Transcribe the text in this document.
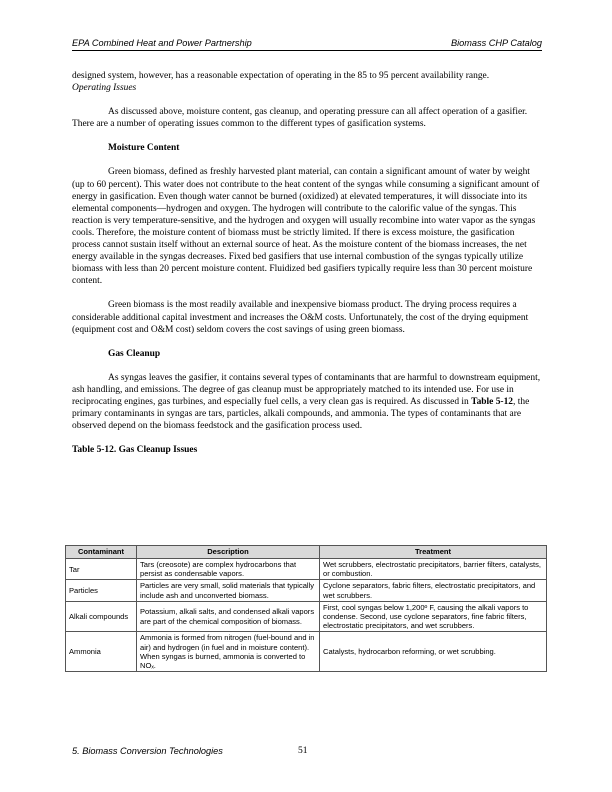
EPA Combined Heat and Power Partnership	Biomass CHP Catalog

designed system, however, has a reasonable expectation of operating in the 85 to 95 percent availability range.

Operating Issues

As discussed above, moisture content, gas cleanup, and operating pressure can all affect operation of a gasifier. There are a number of operating issues common to the different types of gasification systems.

Moisture Content

Green biomass, defined as freshly harvested plant material, can contain a significant amount of water by weight (up to 60 percent). This water does not contribute to the heat content of the syngas while consuming a significant amount of energy in gasification. Even though water cannot be burned (oxidized) at elevated temperatures, it will dissociate into its elemental components—hydrogen and oxygen. The hydrogen will contribute to the calorific value of the syngas. This reaction is very temperature-sensitive, and the hydrogen and oxygen will usually recombine into water vapor as the syngas cools. Therefore, the moisture content of biomass must be strictly limited. If there is excess moisture, the gasification process cannot sustain itself without an external source of heat. As the moisture content of the biomass increases, the net energy available in the syngas decreases. Fixed bed gasifiers that use internal combustion of the syngas typically utilize biomass with less than 20 percent moisture content. Fluidized bed gasifiers typically require less than 30 percent moisture content.

Green biomass is the most readily available and inexpensive biomass product. The drying process requires a considerable additional capital investment and increases the O&M costs. Unfortunately, the cost of the drying equipment (equipment cost and O&M cost) seldom covers the cost savings of using green biomass.

Gas Cleanup

As syngas leaves the gasifier, it contains several types of contaminants that are harmful to downstream equipment, ash handling, and emissions. The degree of gas cleanup must be appropriately matched to its intended use. For use in reciprocating engines, gas turbines, and especially fuel cells, a very clean gas is required. As discussed in Table 5-12, the primary contaminants in syngas are tars, particles, alkali compounds, and ammonia. The types of contaminants that are observed depend on the biomass feedstock and the gasification process used.

Table 5-12. Gas Cleanup Issues

Contaminant	Description	Treatment
Tar	Tars (creosote) are complex hydrocarbons that persist as condensable vapors.	Wet scrubbers, electrostatic precipitators, barrier filters, catalysts, or combustion.
Particles	Particles are very small, solid materials that typically include ash and unconverted biomass.	Cyclone separators, fabric filters, electrostatic precipitators, and wet scrubbers.
Alkali compounds	Potassium, alkali salts, and condensed alkali vapors are part of the chemical composition of biomass.	First, cool syngas below 1,200º F, causing the alkali vapors to condense. Second, use cyclone separators, fine fabric filters, electrostatic precipitators, and wet scrubbers.
Ammonia	Ammonia is formed from nitrogen (fuel-bound and in air) and hydrogen (in fuel and in moisture content). When syngas is burned, ammonia is converted to NOₓ.	Catalysts, hydrocarbon reforming, or wet scrubbing.
5. Biomass Conversion Technologies	51
